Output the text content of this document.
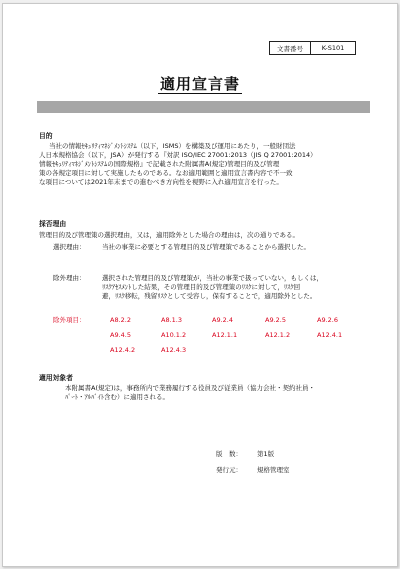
文書番号	K-S101
適用宣言書
目的
当社の情報ｾｷｭﾘﾃｨﾏﾈｼﾞﾒﾝﾄｼｽﾃﾑ（以下，ISMS）を構築及び運用にあたり，一般財団法
人日本規格協会（以下，JSA）が発行する『対訳 ISO/IEC 27001:2013（JIS Q 27001:2014）
情報ｾｷｭﾘﾃｨﾏﾈｼﾞﾒﾝﾄｼｽﾃﾑの国際規格』で記載された附属書A(規定)管理目的及び管理
策の各規定項目に対して実施したものである。なお適用範囲と適用宣言書内容で不一致
な項目については2021年末までの進むべき方向性を視野に入れ適用宣言を行った。
採否理由
管理目的及び管理策の選択理由，又は，適用除外とした場合の理由は，次の通りである。
選択理由：	当社の事業に必要とする管理目的及び管理策であることから選択した。
除外理由：	選択された管理目的及び管理策が，当社の事業で扱っていない，もしくは，
ﾘｽｸｱｾｽﾒﾝﾄした結果，その管理目的及び管理策のﾘｽｸに対して，ﾘｽｸ回
避，ﾘｽｸ移転，残留ﾘｽｸとして受容し，保有することで，適用除外とした。
除外項目：	A8.2.2	A8.1.3	A9.2.4	A9.2.5	A9.2.6
A9.4.5	A10.1.2	A12.1.1	A12.1.2	A12.4.1
A12.4.2	A12.4.3
適用対象者
本附属書A(規定)は，事務所内で業務履行する役員及び従業員（協力会社・契約社員・
ﾊﾟｰﾄ・ｱﾙﾊﾞｲﾄ含む）に適用される。
版　数： 第1版
発行元： 規格管理室
